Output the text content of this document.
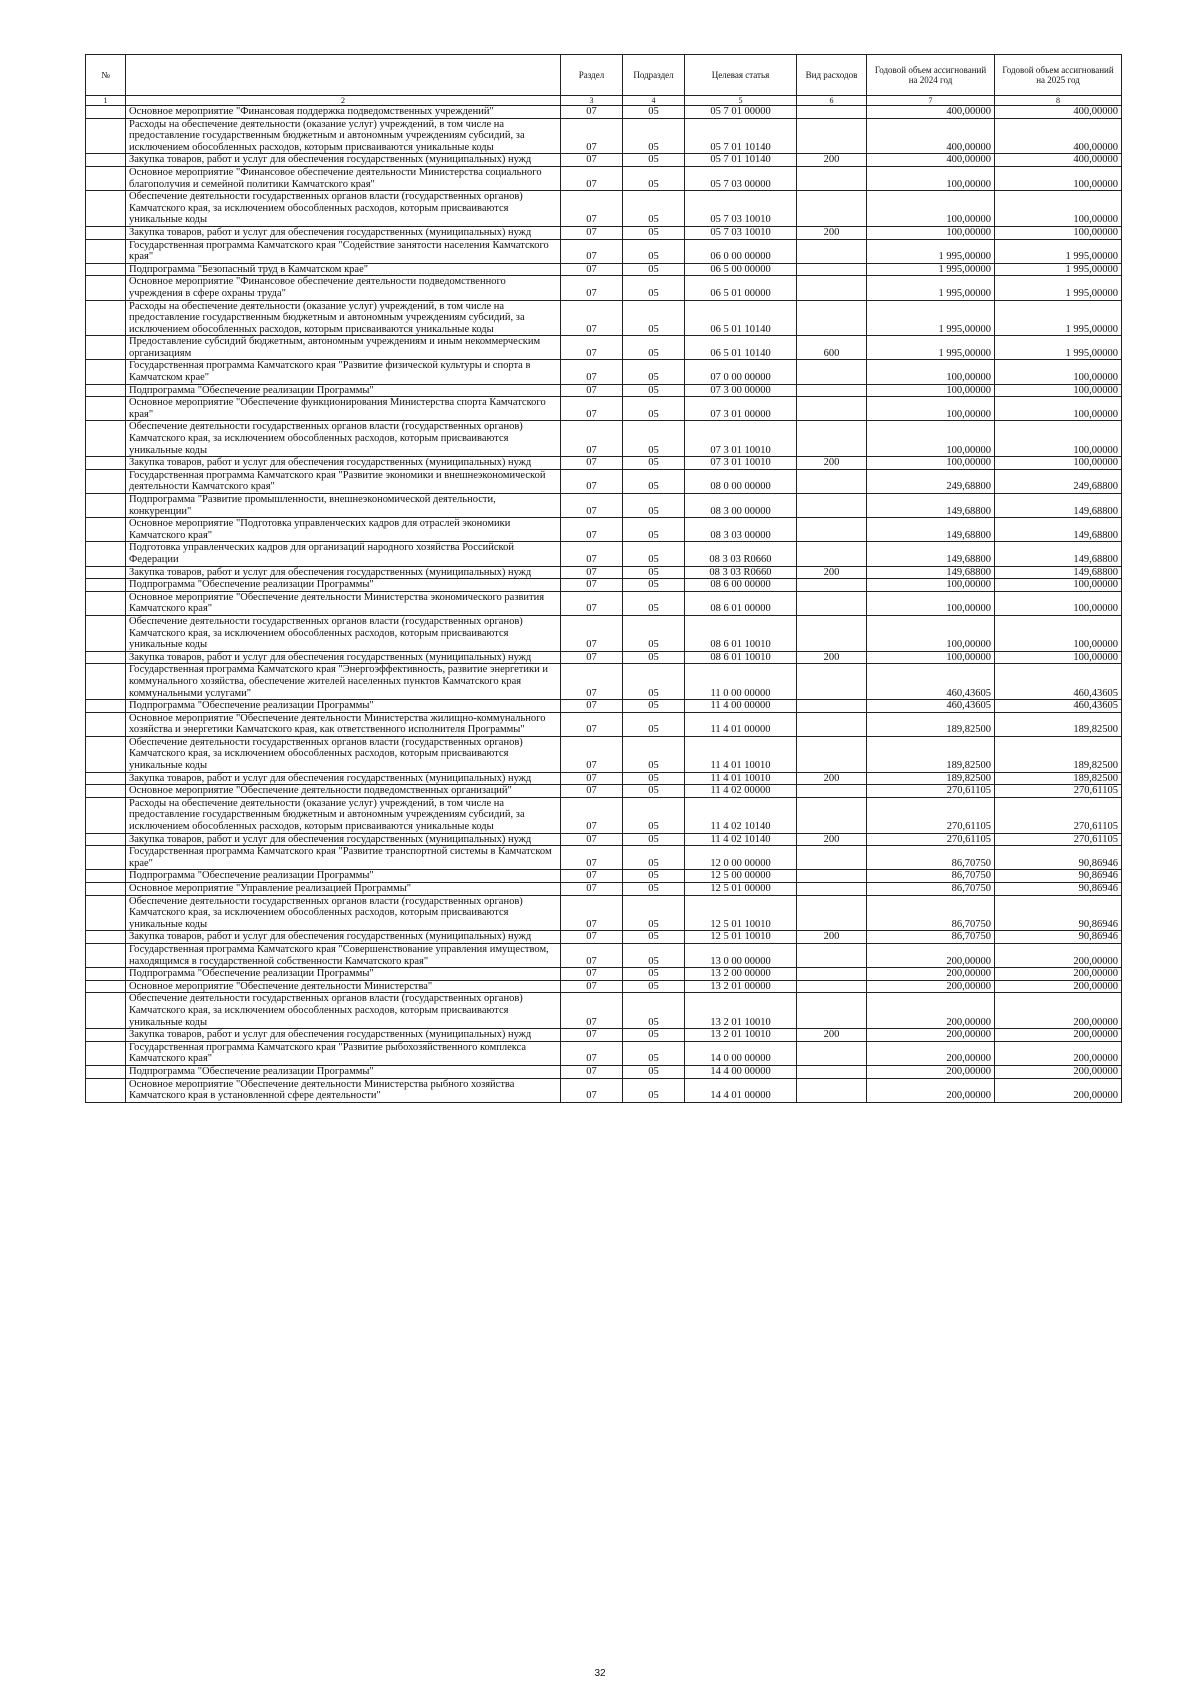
№		Раздел	Подраздел	Целевая статья	Вид расходов	Годовой объем ассигнований на 2024 год	Годовой объем ассигнований на 2025 год
1	2	3	4	5	6	7	8
	Основное мероприятие "Финансовая поддержка подведомственных учреждений"	07	05	05 7 01 00000		400,00000	400,00000
	Расходы на обеспечение деятельности (оказание услуг) учреждений, в том числе на предоставление государственным бюджетным и автономным учреждениям субсидий, за исключением обособленных расходов, которым присваиваются уникальные коды	07	05	05 7 01 10140		400,00000	400,00000
	Закупка товаров, работ и услуг для обеспечения государственных (муниципальных) нужд	07	05	05 7 01 10140	200	400,00000	400,00000
	Основное мероприятие "Финансовое обеспечение деятельности Министерства социального благополучия и семейной политики Камчатского края"	07	05	05 7 03 00000		100,00000	100,00000
	Обеспечение деятельности государственных органов власти (государственных органов) Камчатского края, за исключением обособленных расходов, которым присваиваются уникальные коды	07	05	05 7 03 10010		100,00000	100,00000
	Закупка товаров, работ и услуг для обеспечения государственных (муниципальных) нужд	07	05	05 7 03 10010	200	100,00000	100,00000
	Государственная программа Камчатского края "Содействие занятости населения Камчатского края"	07	05	06 0 00 00000		1 995,00000	1 995,00000
	Подпрограмма "Безопасный труд в Камчатском крае"	07	05	06 5 00 00000		1 995,00000	1 995,00000
	Основное мероприятие "Финансовое обеспечение деятельности подведомственного учреждения в сфере охраны труда"	07	05	06 5 01 00000		1 995,00000	1 995,00000
	Расходы на обеспечение деятельности (оказание услуг) учреждений, в том числе на предоставление государственным бюджетным и автономным учреждениям субсидий, за исключением обособленных расходов, которым присваиваются уникальные коды	07	05	06 5 01 10140		1 995,00000	1 995,00000
	Предоставление субсидий бюджетным, автономным учреждениям и иным некоммерческим организациям	07	05	06 5 01 10140	600	1 995,00000	1 995,00000
	Государственная программа Камчатского края "Развитие физической культуры и спорта в Камчатском крае"	07	05	07 0 00 00000		100,00000	100,00000
	Подпрограмма "Обеспечение реализации Программы"	07	05	07 3 00 00000		100,00000	100,00000
	Основное мероприятие "Обеспечение функционирования Министерства спорта Камчатского края"	07	05	07 3 01 00000		100,00000	100,00000
	Обеспечение деятельности государственных органов власти (государственных органов) Камчатского края, за исключением обособленных расходов, которым присваиваются уникальные коды	07	05	07 3 01 10010		100,00000	100,00000
	Закупка товаров, работ и услуг для обеспечения государственных (муниципальных) нужд	07	05	07 3 01 10010	200	100,00000	100,00000
	Государственная программа Камчатского края "Развитие экономики и внешнеэкономической деятельности Камчатского края"	07	05	08 0 00 00000		249,68800	249,68800
	Подпрограмма "Развитие промышленности, внешнеэкономической деятельности, конкуренции"	07	05	08 3 00 00000		149,68800	149,68800
	Основное мероприятие "Подготовка управленческих кадров для отраслей экономики Камчатского края"	07	05	08 3 03 00000		149,68800	149,68800
	Подготовка управленческих кадров для организаций народного хозяйства Российской Федерации	07	05	08 3 03 R0660		149,68800	149,68800
	Закупка товаров, работ и услуг для обеспечения государственных (муниципальных) нужд	07	05	08 3 03 R0660	200	149,68800	149,68800
	Подпрограмма "Обеспечение реализации Программы"	07	05	08 6 00 00000		100,00000	100,00000
	Основное мероприятие "Обеспечение деятельности Министерства экономического развития Камчатского края"	07	05	08 6 01 00000		100,00000	100,00000
	Обеспечение деятельности государственных органов власти (государственных органов) Камчатского края, за исключением обособленных расходов, которым присваиваются уникальные коды	07	05	08 6 01 10010		100,00000	100,00000
	Закупка товаров, работ и услуг для обеспечения государственных (муниципальных) нужд	07	05	08 6 01 10010	200	100,00000	100,00000
	Государственная программа Камчатского края "Энергоэффективность, развитие энергетики и коммунального хозяйства, обеспечение жителей населенных пунктов Камчатского края коммунальными услугами"	07	05	11 0 00 00000		460,43605	460,43605
	Подпрограмма "Обеспечение реализации Программы"	07	05	11 4 00 00000		460,43605	460,43605
	Основное мероприятие "Обеспечение деятельности Министерства жилищно-коммунального хозяйства и энергетики Камчатского края, как ответственного исполнителя Программы"	07	05	11 4 01 00000		189,82500	189,82500
	Обеспечение деятельности государственных органов власти (государственных органов) Камчатского края, за исключением обособленных расходов, которым присваиваются уникальные коды	07	05	11 4 01 10010		189,82500	189,82500
	Закупка товаров, работ и услуг для обеспечения государственных (муниципальных) нужд	07	05	11 4 01 10010	200	189,82500	189,82500
	Основное мероприятие "Обеспечение деятельности подведомственных организаций"	07	05	11 4 02 00000		270,61105	270,61105
	Расходы на обеспечение деятельности (оказание услуг) учреждений, в том числе на предоставление государственным бюджетным и автономным учреждениям субсидий, за исключением обособленных расходов, которым присваиваются уникальные коды	07	05	11 4 02 10140		270,61105	270,61105
	Закупка товаров, работ и услуг для обеспечения государственных (муниципальных) нужд	07	05	11 4 02 10140	200	270,61105	270,61105
	Государственная программа Камчатского края "Развитие транспортной системы в Камчатском крае"	07	05	12 0 00 00000		86,70750	90,86946
	Подпрограмма "Обеспечение реализации Программы"	07	05	12 5 00 00000		86,70750	90,86946
	Основное мероприятие "Управление реализацией Программы"	07	05	12 5 01 00000		86,70750	90,86946
	Обеспечение деятельности государственных органов власти (государственных органов) Камчатского края, за исключением обособленных расходов, которым присваиваются уникальные коды	07	05	12 5 01 10010		86,70750	90,86946
	Закупка товаров, работ и услуг для обеспечения государственных (муниципальных) нужд	07	05	12 5 01 10010	200	86,70750	90,86946
	Государственная программа Камчатского края "Совершенствование управления имуществом, находящимся в государственной собственности Камчатского края"	07	05	13 0 00 00000		200,00000	200,00000
	Подпрограмма "Обеспечение реализации Программы"	07	05	13 2 00 00000		200,00000	200,00000
	Основное мероприятие "Обеспечение деятельности Министерства"	07	05	13 2 01 00000		200,00000	200,00000
	Обеспечение деятельности государственных органов власти (государственных органов) Камчатского края, за исключением обособленных расходов, которым присваиваются уникальные коды	07	05	13 2 01 10010		200,00000	200,00000
	Закупка товаров, работ и услуг для обеспечения государственных (муниципальных) нужд	07	05	13 2 01 10010	200	200,00000	200,00000
	Государственная программа Камчатского края "Развитие рыбохозяйственного комплекса Камчатского края"	07	05	14 0 00 00000		200,00000	200,00000
	Подпрограмма "Обеспечение реализации Программы"	07	05	14 4 00 00000		200,00000	200,00000
	Основное мероприятие "Обеспечение деятельности Министерства рыбного хозяйства Камчатского края в установленной сфере деятельности"	07	05	14 4 01 00000		200,00000	200,00000
32
